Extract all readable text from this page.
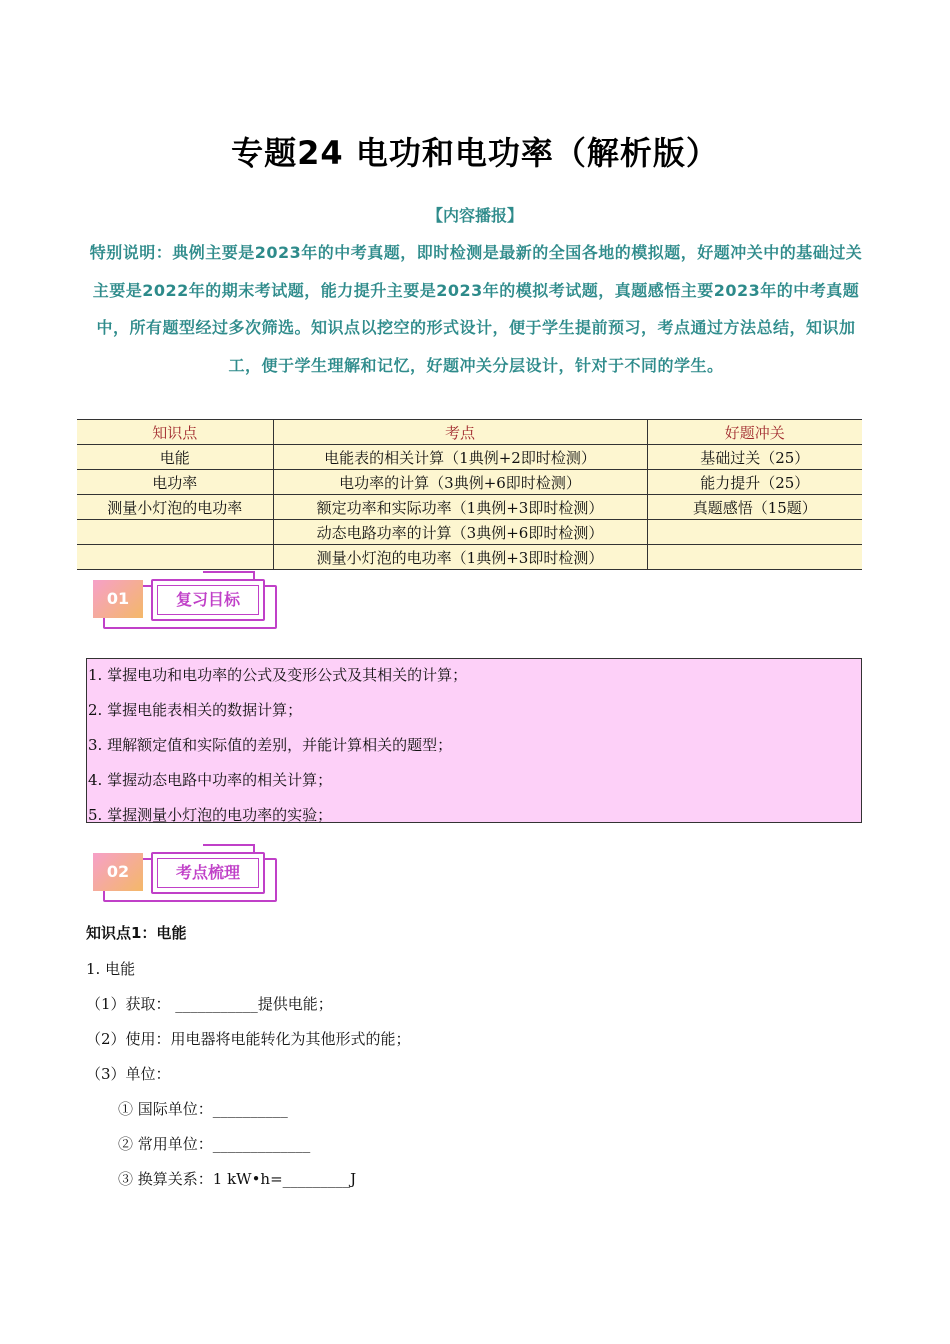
专题24 电功和电功率（解析版）
【内容播报】
特别说明：典例主要是2023年的中考真题，即时检测是最新的全国各地的模拟题，好题冲关中的基础过关主要是2022年的期末考试题，能力提升主要是2023年的模拟考试题，真题感悟主要2023年的中考真题中，所有题型经过多次筛选。知识点以挖空的形式设计，便于学生提前预习，考点通过方法总结，知识加工，便于学生理解和记忆，好题冲关分层设计，针对于不同的学生。
知识点	考点	好题冲关
电能	电能表的相关计算（1典例+2即时检测）	基础过关（25）
电功率	电功率的计算（3典例+6即时检测）	能力提升（25）
测量小灯泡的电功率	额定功率和实际功率（1典例+3即时检测）	真题感悟（15题）
	动态电路功率的计算（3典例+6即时检测）	
	测量小灯泡的电功率（1典例+3即时检测）	
01	复习目标
1. 掌握电功和电功率的公式及变形公式及其相关的计算；
2. 掌握电能表相关的数据计算；
3. 理解额定值和实际值的差别，并能计算相关的题型；
4. 掌握动态电路中功率的相关计算；
5. 掌握测量小灯泡的电功率的实验；
02	考点梳理
知识点1：电能
1. 电能
（1）获取： ___________提供电能；
（2）使用：用电器将电能转化为其他形式的能；
（3）单位：
① 国际单位：__________
② 常用单位：_____________
③ 换算关系：1 kW•h=_________J
